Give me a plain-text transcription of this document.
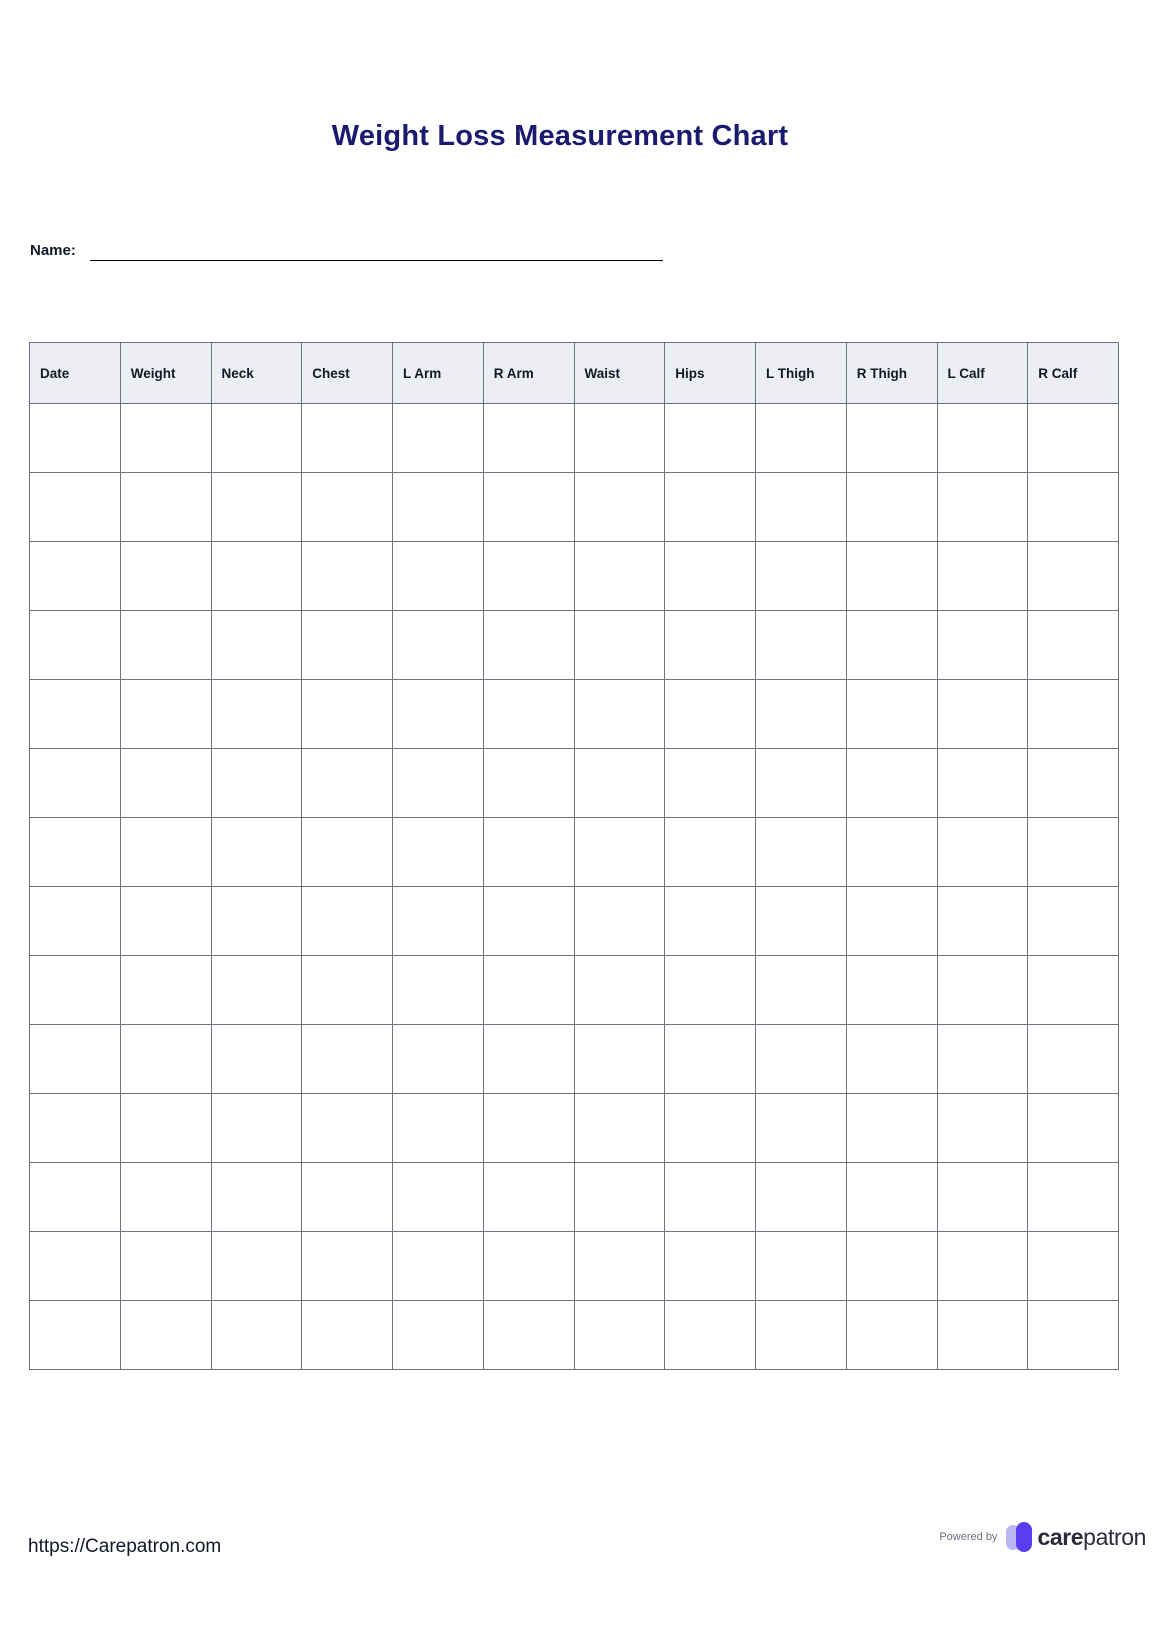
Weight Loss Measurement Chart
Name:
Date	Weight	Neck	Chest	L Arm	R Arm	Waist	Hips	L Thigh	R Thigh	L Calf	R Calf

https://Carepatron.com	Powered by carepatron
